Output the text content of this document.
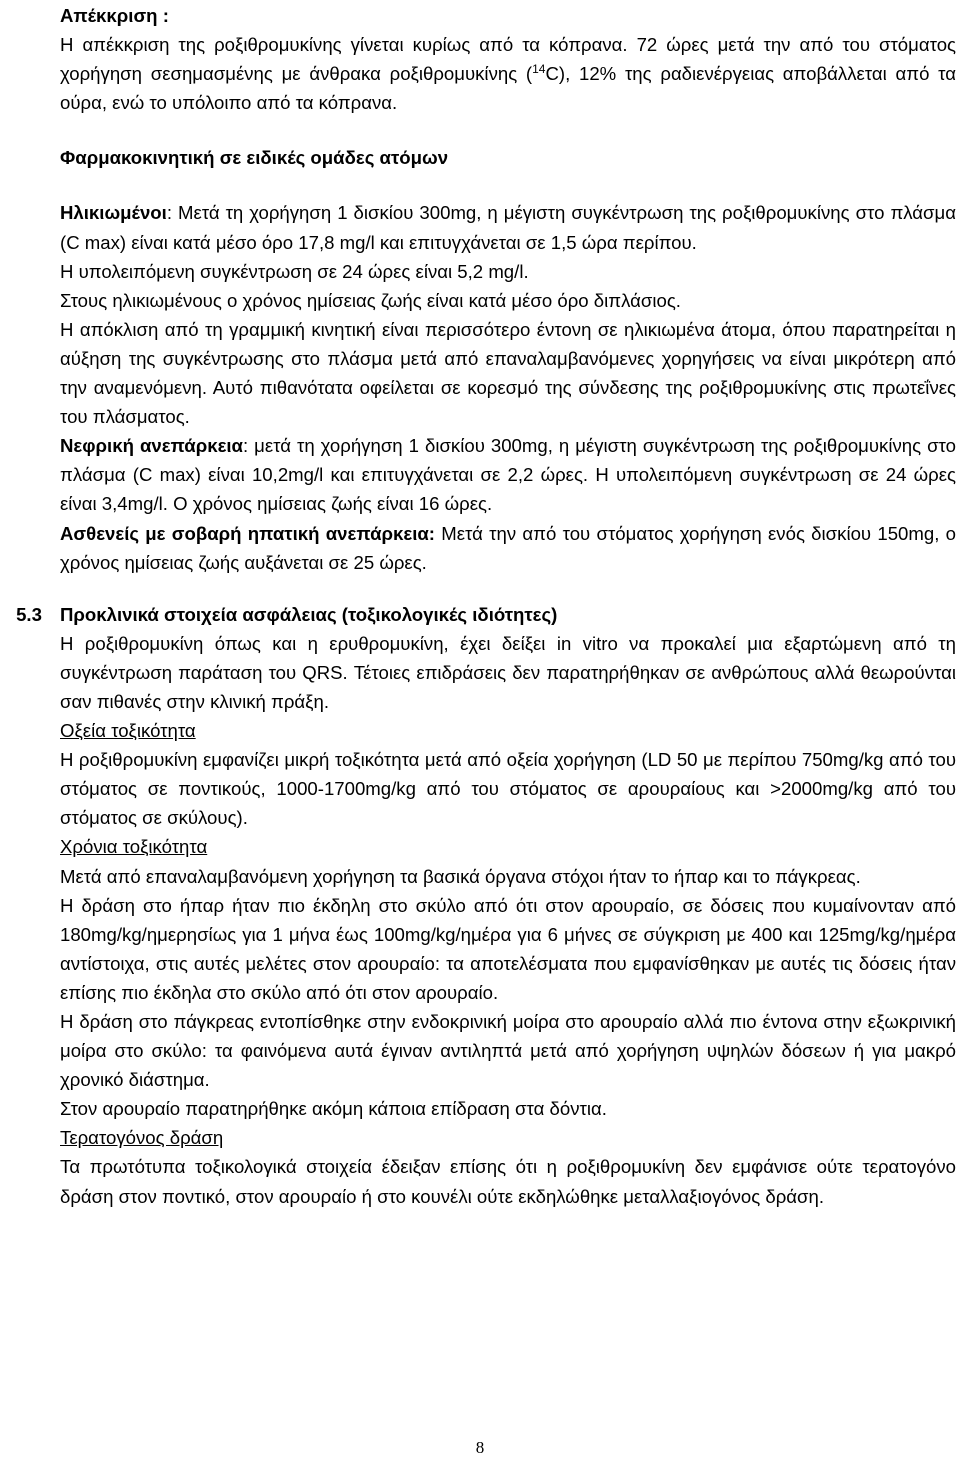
Απέκκριση :

Η απέκκριση της ροξιθρομυκίνης γίνεται κυρίως από τα κόπρανα. 72 ώρες μετά την από του στόματος χορήγηση σεσημασμένης με άνθρακα ροξιθρομυκίνης ($^{14}$C), 12% της ραδιενέργειας αποβάλλεται από τα ούρα, ενώ το υπόλοιπο από τα κόπρανα.

Φαρμακοκινητική σε ειδικές ομάδες ατόμων

Ηλικιωμένοι: Μετά τη χορήγηση 1 δισκίου 300mg, η μέγιστη συγκέντρωση της ροξιθρομυκίνης στο πλάσμα (C max) είναι κατά μέσο όρο 17,8 mg/l και επιτυγχάνεται σε 1,5 ώρα περίπου.

Η υπολειπόμενη συγκέντρωση σε 24 ώρες είναι 5,2 mg/l.

Στους ηλικιωμένους ο χρόνος ημίσειας ζωής είναι κατά μέσο όρο διπλάσιος.

Η απόκλιση από τη γραμμική κινητική είναι περισσότερο έντονη σε ηλικιωμένα άτομα, όπου παρατηρείται η αύξηση της συγκέντρωσης στο πλάσμα μετά από επαναλαμβανόμενες χορηγήσεις να είναι μικρότερη από την αναμενόμενη. Αυτό πιθανότατα οφείλεται σε κορεσμό της σύνδεσης της ροξιθρομυκίνης στις πρωτεΐνες του πλάσματος.

Νεφρική ανεπάρκεια: μετά τη χορήγηση 1 δισκίου 300mg, η μέγιστη συγκέντρωση της ροξιθρομυκίνης στο πλάσμα (C max) είναι 10,2mg/l και επιτυγχάνεται σε 2,2 ώρες. Η υπολειπόμενη συγκέντρωση σε 24 ώρες είναι 3,4mg/l. Ο χρόνος ημίσειας ζωής είναι 16 ώρες.

Ασθενείς με σοβαρή ηπατική ανεπάρκεια: Μετά την από του στόματος χορήγηση ενός δισκίου 150mg, ο χρόνος ημίσειας ζωής αυξάνεται σε 25 ώρες.

5.3 Προκλινικά στοιχεία ασφάλειας (τοξικολογικές ιδιότητες)

Η ροξιθρομυκίνη όπως και η ερυθρομυκίνη, έχει δείξει in vitro να προκαλεί μια εξαρτώμενη από τη συγκέντρωση παράταση του QRS. Τέτοιες επιδράσεις δεν παρατηρήθηκαν σε ανθρώπους αλλά θεωρούνται σαν πιθανές στην κλινική πράξη.

Οξεία τοξικότητα

Η ροξιθρομυκίνη εμφανίζει μικρή τοξικότητα μετά από οξεία χορήγηση (LD 50 με περίπου 750mg/kg από του στόματος σε ποντικούς, 1000-1700mg/kg από του στόματος σε αρουραίους και >2000mg/kg από του στόματος σε σκύλους).

Χρόνια τοξικότητα

Μετά από επαναλαμβανόμενη χορήγηση τα βασικά όργανα στόχοι ήταν το ήπαρ και το πάγκρεας.

Η δράση στο ήπαρ ήταν πιο έκδηλη στο σκύλο από ότι στον αρουραίο, σε δόσεις που κυμαίνονταν από 180mg/kg/ημερησίως για 1 μήνα έως 100mg/kg/ημέρα για 6 μήνες σε σύγκριση με 400 και 125mg/kg/ημέρα αντίστοιχα, στις αυτές μελέτες στον αρουραίο: τα αποτελέσματα που εμφανίσθηκαν με αυτές τις δόσεις ήταν επίσης πιο έκδηλα στο σκύλο από ότι στον αρουραίο.

Η δράση στο πάγκρεας εντοπίσθηκε στην ενδοκρινική μοίρα στο αρουραίο αλλά πιο έντονα στην εξωκρινική μοίρα στο σκύλο: τα φαινόμενα αυτά έγιναν αντιληπτά μετά από χορήγηση υψηλών δόσεων ή για μακρό χρονικό διάστημα.

Στον αρουραίο παρατηρήθηκε ακόμη κάποια επίδραση στα δόντια.

Τερατογόνος δράση

Τα πρωτότυπα τοξικολογικά στοιχεία έδειξαν επίσης ότι η ροξιθρομυκίνη δεν εμφάνισε ούτε τερατογόνο δράση στον ποντικό, στον αρουραίο ή στο κουνέλι ούτε εκδηλώθηκε μεταλλαξιογόνος δράση.

8
